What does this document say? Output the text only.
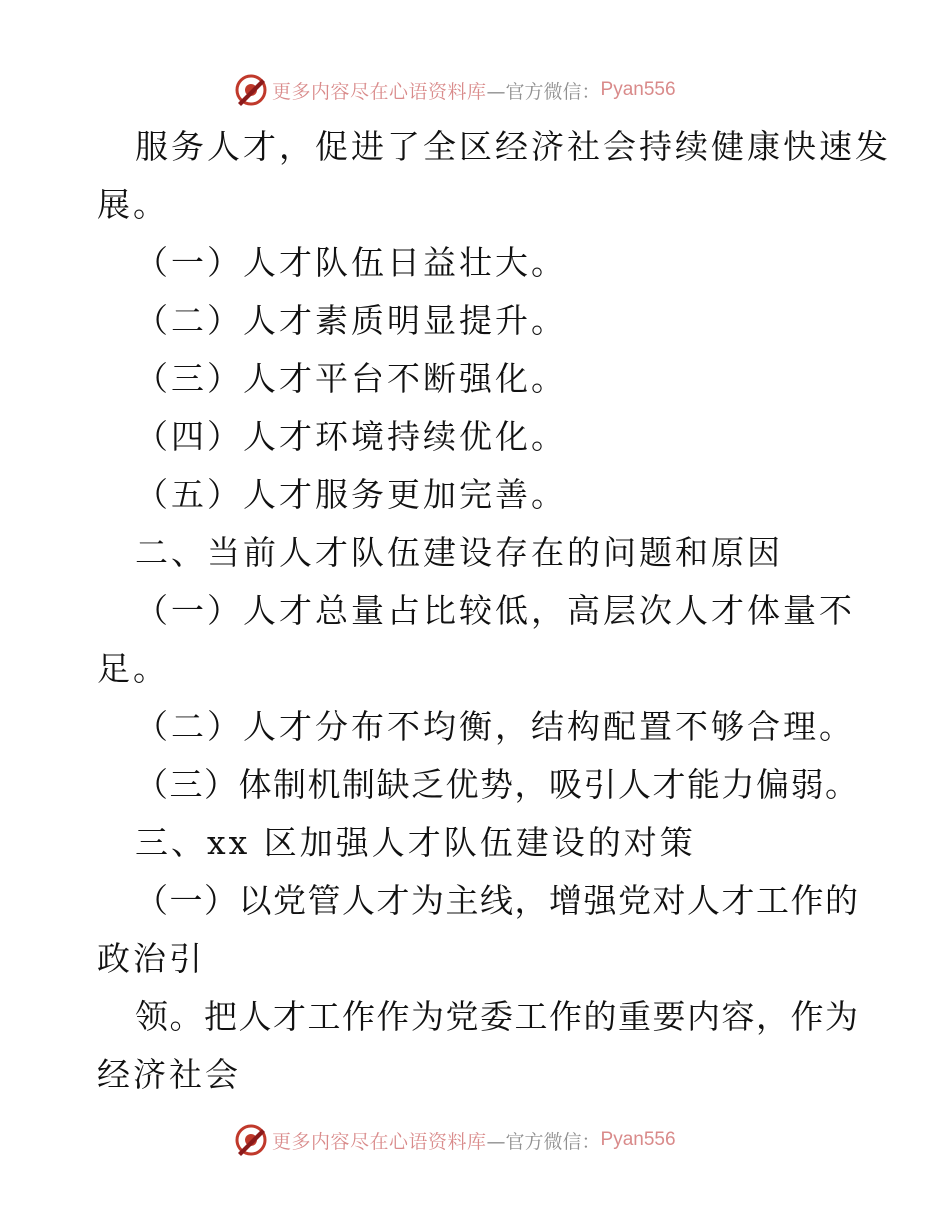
更多内容尽在心语资料库 —官方微信： Pyan556

服务人才，促进了全区经济社会持续健康快速发

展。

（一）人才队伍日益壮大。

（二）人才素质明显提升。

（三）人才平台不断强化。

（四）人才环境持续优化。

（五）人才服务更加完善。

二、当前人才队伍建设存在的问题和原因

（一）人才总量占比较低，高层次人才体量不

足。

（二）人才分布不均衡，结构配置不够合理。

（三）体制机制缺乏优势，吸引人才能力偏弱。

三、xx 区加强人才队伍建设的对策

（一）以党管人才为主线，增强党对人才工作的

政治引

领。把人才工作作为党委工作的重要内容，作为

经济社会

更多内容尽在心语资料库 —官方微信： Pyan556
